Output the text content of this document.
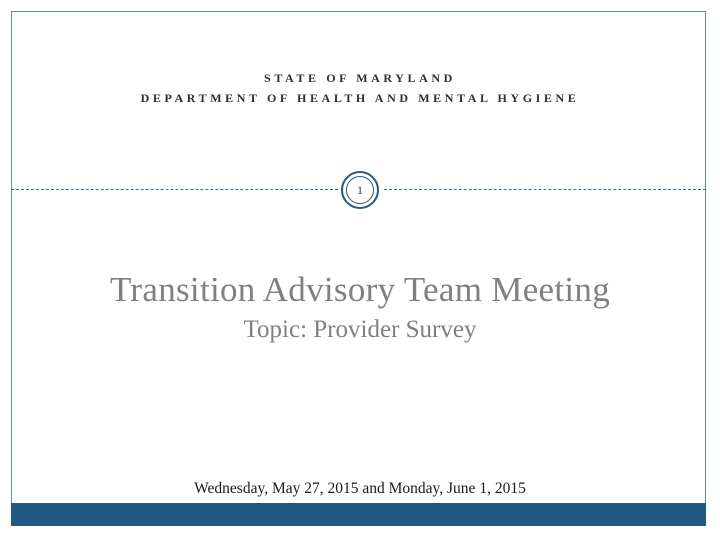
STATE OF MARYLAND
DEPARTMENT OF HEALTH AND MENTAL HYGIENE
1
Transition Advisory Team Meeting
Topic: Provider Survey
Wednesday, May 27, 2015 and Monday, June 1, 2015
